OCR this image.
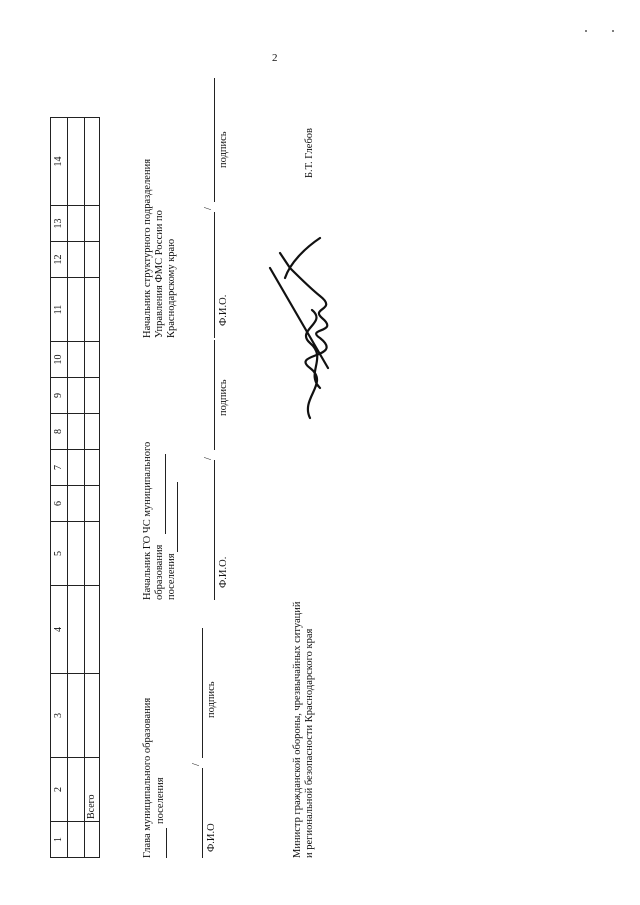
2
1	2	3	4	5	6	7	8	9	10	11	12	13	14

	Всего													Глава муниципального образования поселения
/
Ф.И.О
подпись
Начальник ГО ЧС муниципального образования поселения
/
Ф.И.О.
подпись
Начальник структурного подразделения Управления ФМС России по Краснодарскому краю
/
Ф.И.О.
подпись
Министр гражданской обороны, чрезвычайных ситуаций и региональной безопасности Краснодарского края
Б.Т. Глебов
